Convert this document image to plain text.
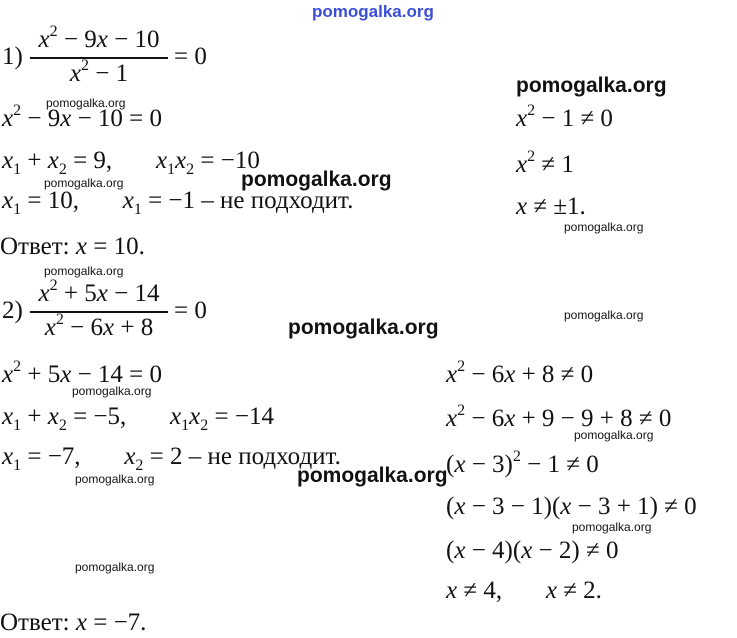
pomogalka.org
pomogalka.org
pomogalka.org
pomogalka.org
pomogalka.org
pomogalka.org
pomogalka.org
pomogalka.org
pomogalka.org
pomogalka.org
pomogalka.org
pomogalka.org
pomogalka.org
pomogalka.org
pomogalka.org
1)
$x^2 - 9x - 10$
$x^2 - 1$
= 0
$x^2 - 9x - 10 = 0$
$x_1 + x_2 = 9$,       $x_1x_2 = -10$
$x_1 = 10$,       $x_1 = -1$ – не подходит.
Ответ: x = 10.
$x^2 - 1 \ne 0$
$x^2 \ne 1$
x ≠ ±1.
2)
$x^2 + 5x - 14$
$x^2 - 6x + 8$
= 0
$x^2 + 5x - 14 = 0$
$x_1 + x_2 = -5$,       $x_1x_2 = -14$
$x_1 = -7$,       $x_2 = 2$ – не подходит.
Ответ: x = −7.
$x^2 - 6x + 8 \ne 0$
$x^2 - 6x + 9 - 9 + 8 \ne 0$
$(x - 3)^2 - 1 \ne 0$
(x − 3 − 1)(x − 3 + 1) ≠ 0
(x − 4)(x − 2) ≠ 0
x ≠ 4,       x ≠ 2.
